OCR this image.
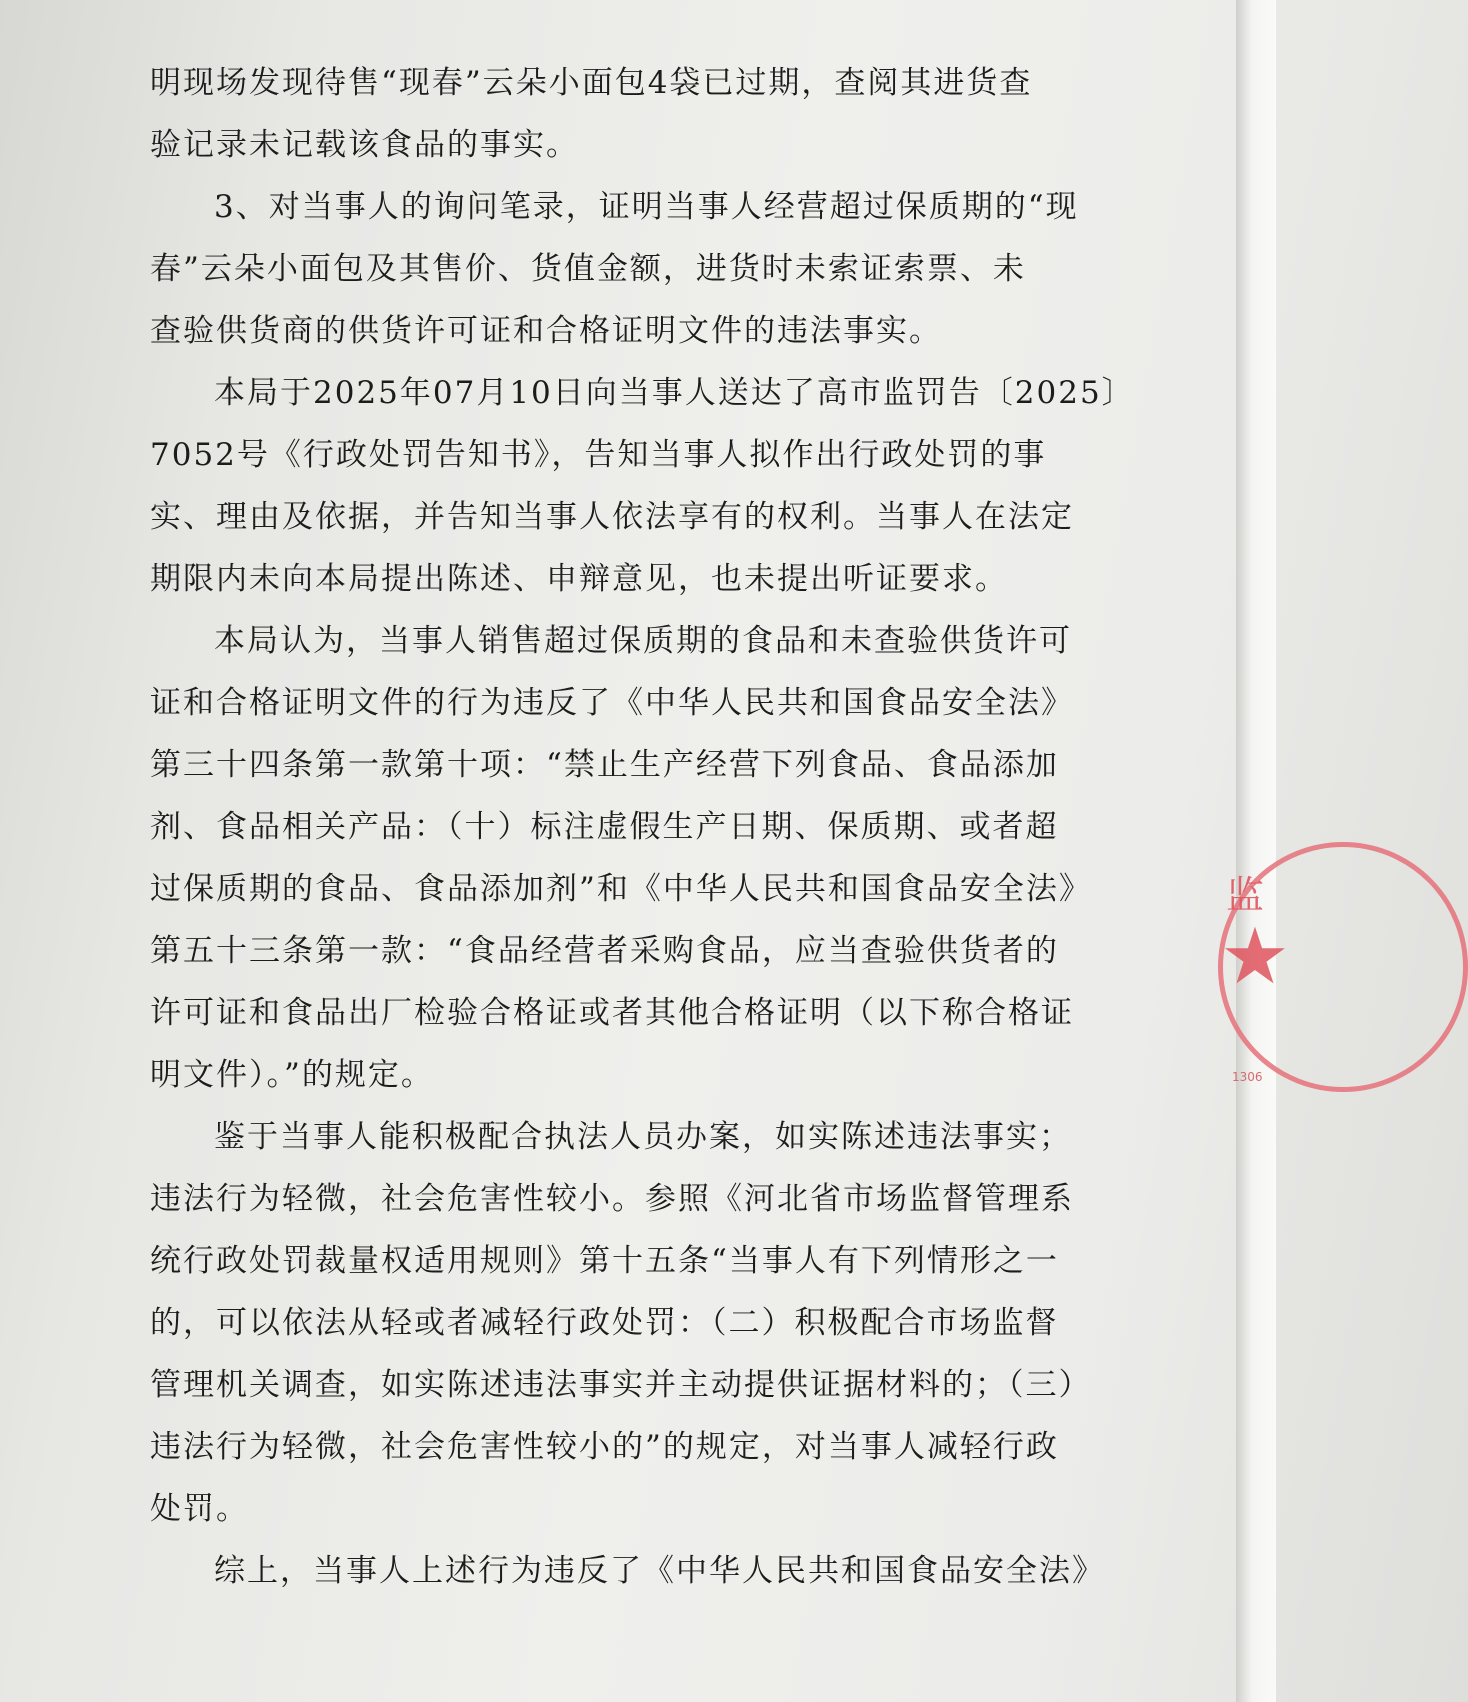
明现场发现待售“现春”云朵小面包4袋已过期，查阅其进货查

验记录未记载该食品的事实。

3、对当事人的询问笔录，证明当事人经营超过保质期的“现

春”云朵小面包及其售价、货值金额，进货时未索证索票、未

查验供货商的供货许可证和合格证明文件的违法事实。

本局于2025年07月10日向当事人送达了高市监罚告〔2025〕

7052号《行政处罚告知书》，告知当事人拟作出行政处罚的事

实、理由及依据，并告知当事人依法享有的权利。当事人在法定

期限内未向本局提出陈述、申辩意见，也未提出听证要求。

本局认为，当事人销售超过保质期的食品和未查验供货许可

证和合格证明文件的行为违反了《中华人民共和国食品安全法》

第三十四条第一款第十项：“禁止生产经营下列食品、食品添加

剂、食品相关产品：（十）标注虚假生产日期、保质期、或者超

过保质期的食品、食品添加剂”和《中华人民共和国食品安全法》

第五十三条第一款：“食品经营者采购食品，应当查验供货者的

许可证和食品出厂检验合格证或者其他合格证明（以下称合格证

明文件）。”的规定。

鉴于当事人能积极配合执法人员办案，如实陈述违法事实；

违法行为轻微，社会危害性较小。参照《河北省市场监督管理系

统行政处罚裁量权适用规则》第十五条“当事人有下列情形之一

的，可以依法从轻或者减轻行政处罚：（二）积极配合市场监督

管理机关调查，如实陈述违法事实并主动提供证据材料的；（三）

违法行为轻微，社会危害性较小的”的规定，对当事人减轻行政

处罚。

综上，当事人上述行为违反了《中华人民共和国食品安全法》

监
★
1306
